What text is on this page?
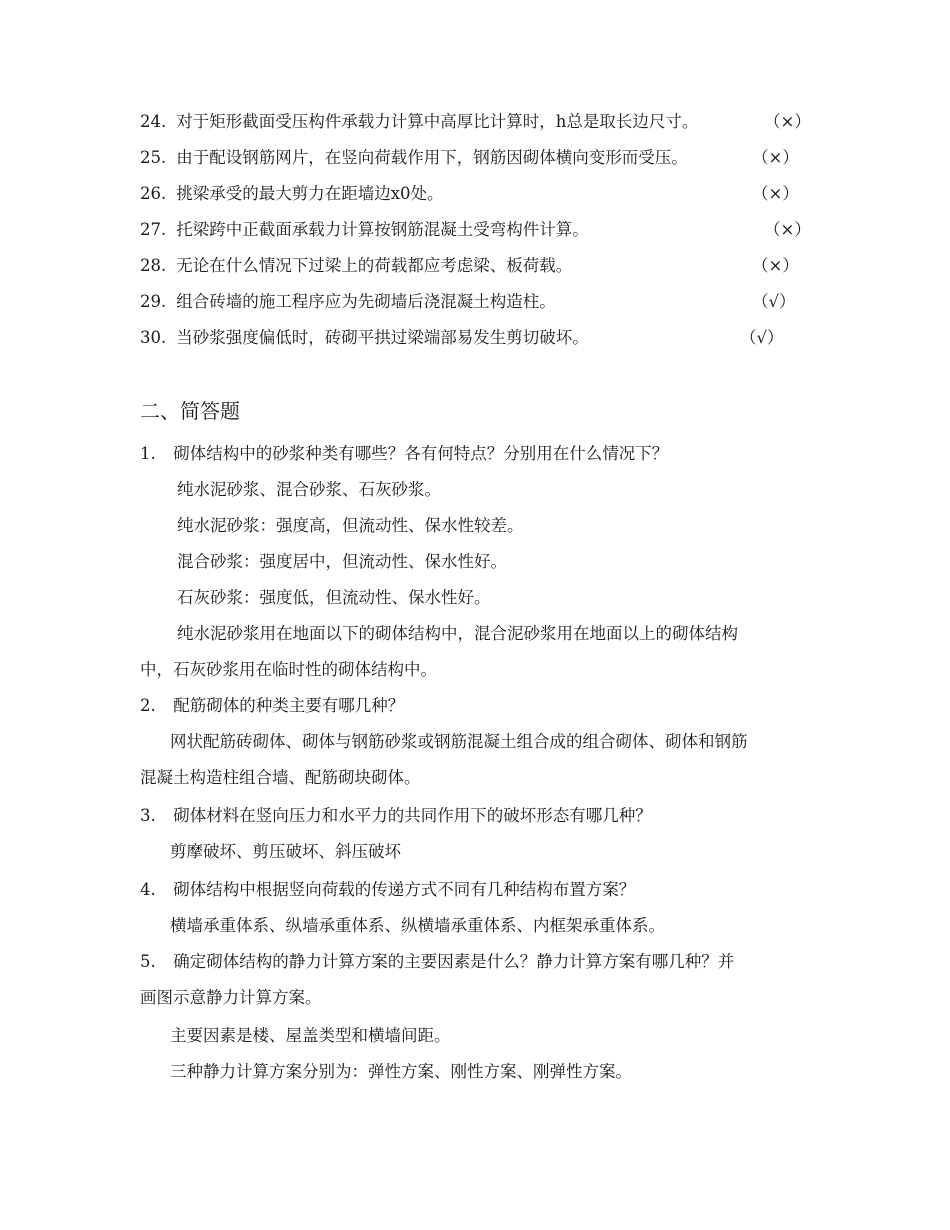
24. 对于矩形截面受压构件承载力计算中高厚比计算时，h总是取长边尺寸。	（×）
25. 由于配设钢筋网片，在竖向荷载作用下，钢筋因砌体横向变形而受压。	（×）
26. 挑梁承受的最大剪力在距墙边x0处。	（×）
27. 托梁跨中正截面承载力计算按钢筋混凝土受弯构件计算。	（×）
28. 无论在什么情况下过梁上的荷载都应考虑梁、板荷载。	（×）
29. 组合砖墙的施工程序应为先砌墙后浇混凝土构造柱。	（√）
30. 当砂浆强度偏低时，砖砌平拱过梁端部易发生剪切破坏。	（√）
二、简答题
1. 砌体结构中的砂浆种类有哪些？各有何特点？分别用在什么情况下？
纯水泥砂浆、混合砂浆、石灰砂浆。
纯水泥砂浆：强度高，但流动性、保水性较差。
混合砂浆：强度居中，但流动性、保水性好。
石灰砂浆：强度低，但流动性、保水性好。
纯水泥砂浆用在地面以下的砌体结构中，混合泥砂浆用在地面以上的砌体结构
中，石灰砂浆用在临时性的砌体结构中。
2. 配筋砌体的种类主要有哪几种？
网状配筋砖砌体、砌体与钢筋砂浆或钢筋混凝土组合成的组合砌体、砌体和钢筋
混凝土构造柱组合墙、配筋砌块砌体。
3. 砌体材料在竖向压力和水平力的共同作用下的破坏形态有哪几种？
剪摩破坏、剪压破坏、斜压破坏
4. 砌体结构中根据竖向荷载的传递方式不同有几种结构布置方案？
横墙承重体系、纵墙承重体系、纵横墙承重体系、内框架承重体系。
5. 确定砌体结构的静力计算方案的主要因素是什么？静力计算方案有哪几种？并
画图示意静力计算方案。
主要因素是楼、屋盖类型和横墙间距。
三种静力计算方案分别为：弹性方案、刚性方案、刚弹性方案。
